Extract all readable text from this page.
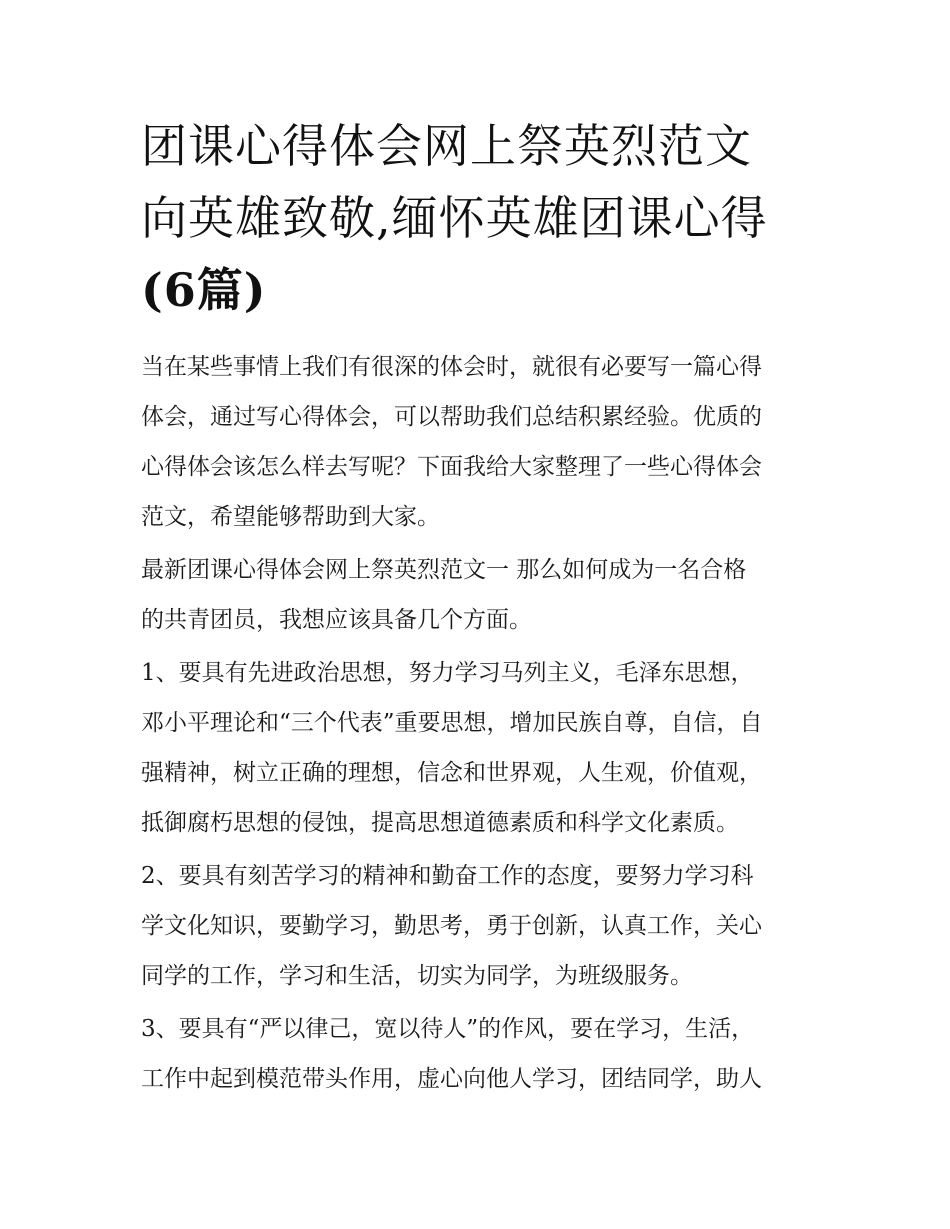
团课心得体会网上祭英烈范文
向英雄致敬,缅怀英雄团课心得
(6篇)
当在某些事情上我们有很深的体会时，就很有必要写一篇心得
体会，通过写心得体会，可以帮助我们总结积累经验。优质的
心得体会该怎么样去写呢？下面我给大家整理了一些心得体会
范文，希望能够帮助到大家。
最新团课心得体会网上祭英烈范文一 那么如何成为一名合格
的共青团员，我想应该具备几个方面。
1、要具有先进政治思想，努力学习马列主义，毛泽东思想，
邓小平理论和“三个代表”重要思想，增加民族自尊，自信，自
强精神，树立正确的理想，信念和世界观，人生观，价值观，
抵御腐朽思想的侵蚀，提高思想道德素质和科学文化素质。
2、要具有刻苦学习的精神和勤奋工作的态度，要努力学习科
学文化知识，要勤学习，勤思考，勇于创新，认真工作，关心
同学的工作，学习和生活，切实为同学，为班级服务。
3、要具有“严以律己，宽以待人”的作风，要在学习，生活，
工作中起到模范带头作用，虚心向他人学习，团结同学，助人
